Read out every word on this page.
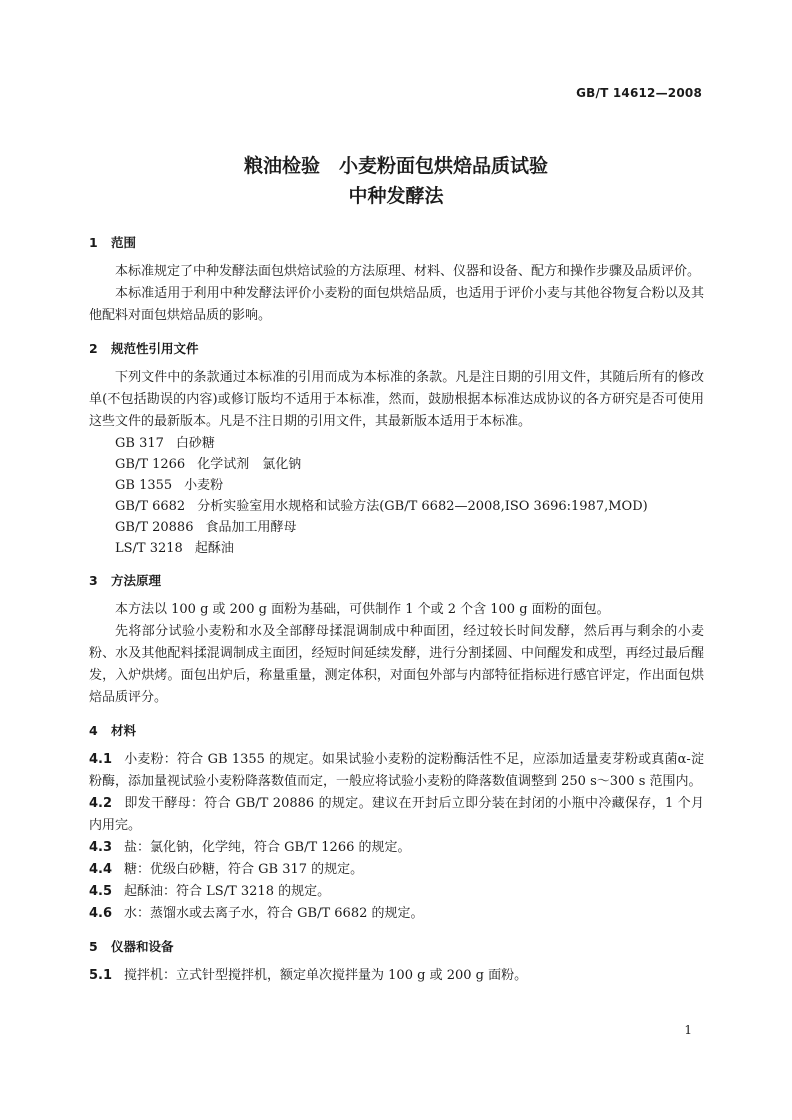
GB/T 14612—2008
粮油检验　小麦粉面包烘焙品质试验
中种发酵法
1 范围

本标准规定了中种发酵法面包烘焙试验的方法原理、材料、仪器和设备、配方和操作步骤及品质评价。

本标准适用于利用中种发酵法评价小麦粉的面包烘焙品质，也适用于评价小麦与其他谷物复合粉以及其他配料对面包烘焙品质的影响。

2 规范性引用文件

下列文件中的条款通过本标准的引用而成为本标准的条款。凡是注日期的引用文件，其随后所有的修改单(不包括勘误的内容)或修订版均不适用于本标准，然而，鼓励根据本标准达成协议的各方研究是否可使用这些文件的最新版本。凡是不注日期的引用文件，其最新版本适用于本标准。

GB 317 白砂糖
GB/T 1266 化学试剂　氯化钠
GB 1355 小麦粉
GB/T 6682 分析实验室用水规格和试验方法(GB/T 6682—2008,ISO 3696:1987,MOD)
GB/T 20886 食品加工用酵母
LS/T 3218 起酥油
3 方法原理

本方法以 100 g 或 200 g 面粉为基础，可供制作 1 个或 2 个含 100 g 面粉的面包。

先将部分试验小麦粉和水及全部酵母揉混调制成中种面团，经过较长时间发酵，然后再与剩余的小麦粉、水及其他配料揉混调制成主面团，经短时间延续发酵，进行分割揉圆、中间醒发和成型，再经过最后醒发，入炉烘烤。面包出炉后，称量重量，测定体积，对面包外部与内部特征指标进行感官评定，作出面包烘焙品质评分。

4 材料

4.1 小麦粉：符合 GB 1355 的规定。如果试验小麦粉的淀粉酶活性不足，应添加适量麦芽粉或真菌α-淀粉酶，添加量视试验小麦粉降落数值而定，一般应将试验小麦粉的降落数值调整到 250 s～300 s 范围内。

4.2 即发干酵母：符合 GB/T 20886 的规定。建议在开封后立即分装在封闭的小瓶中冷藏保存，1 个月内用完。

4.3 盐：氯化钠，化学纯，符合 GB/T 1266 的规定。

4.4 糖：优级白砂糖，符合 GB 317 的规定。

4.5 起酥油：符合 LS/T 3218 的规定。

4.6 水：蒸馏水或去离子水，符合 GB/T 6682 的规定。

5 仪器和设备

5.1 搅拌机：立式针型搅拌机，额定单次搅拌量为 100 g 或 200 g 面粉。

1
